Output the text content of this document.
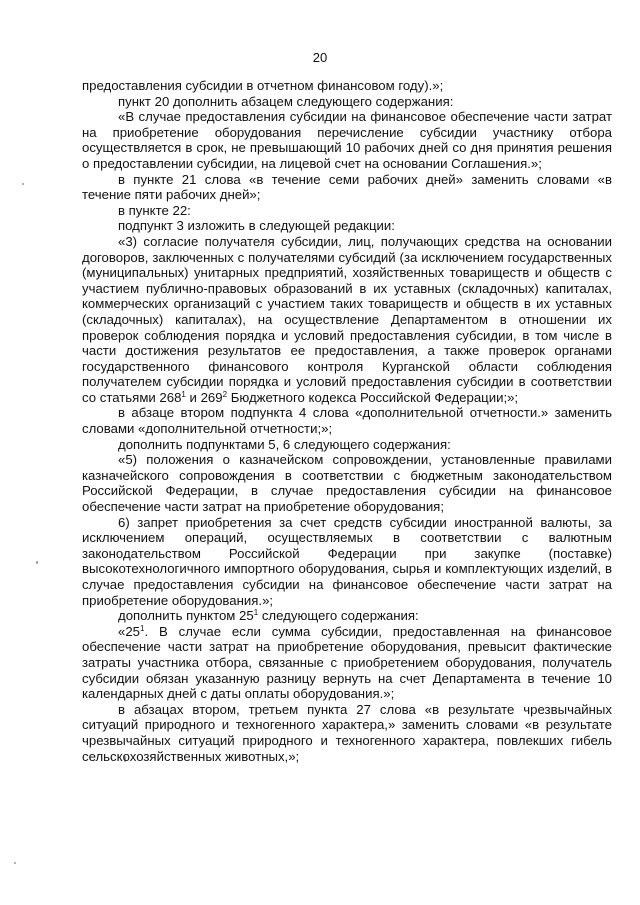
20

предоставления субсидии в отчетном финансовом году).»;

пункт 20 дополнить абзацем следующего содержания:

«В случае предоставления субсидии на финансовое обеспечение части затрат на приобретение оборудования перечисление субсидии участнику отбора осуществляется в срок, не превышающий 10 рабочих дней со дня принятия решения о предоставлении субсидии, на лицевой счет на основании Соглашения.»;

в пункте 21 слова «в течение семи рабочих дней» заменить словами «в течение пяти рабочих дней»;

в пункте 22:

подпункт 3 изложить в следующей редакции:

«3) согласие получателя субсидии, лиц, получающих средства на основании договоров, заключенных с получателями субсидий (за исключением государственных (муниципальных) унитарных предприятий, хозяйственных товариществ и обществ с участием публично-правовых образований в их уставных (складочных) капиталах, коммерческих организаций с участием таких товариществ и обществ в их уставных (складочных) капиталах), на осуществление Департаментом в отношении их проверок соблюдения порядка и условий предоставления субсидии, в том числе в части достижения результатов ее предоставления, а также проверок органами государственного финансового контроля Курганской области соблюдения получателем субсидии порядка и условий предоставления субсидии в соответствии со статьями $268^1$ и $269^2$ Бюджетного кодекса Российской Федерации;»;

в абзаце втором подпункта 4 слова «дополнительной отчетности.» заменить словами «дополнительной отчетности;»;

дополнить подпунктами 5, 6 следующего содержания:

«5) положения о казначейском сопровождении, установленные правилами казначейского сопровождения в соответствии с бюджетным законодательством Российской Федерации, в случае предоставления субсидии на финансовое обеспечение части затрат на приобретение оборудования;

6) запрет приобретения за счет средств субсидии иностранной валюты, за исключением операций, осуществляемых в соответствии с валютным законодательством Российской Федерации при закупке (поставке) высокотехнологичного импортного оборудования, сырья и комплектующих изделий, в случае предоставления субсидии на финансовое обеспечение части затрат на приобретение оборудования.»;

дополнить пунктом $25^1$ следующего содержания:

«$25^1$. В случае если сумма субсидии, предоставленная на финансовое обеспечение части затрат на приобретение оборудования, превысит фактические затраты участника отбора, связанные с приобретением оборудования, получатель субсидии обязан указанную разницу вернуть на счет Департамента в течение 10 календарных дней с даты оплаты оборудования.»;

в абзацах втором, третьем пункта 27 слова «в результате чрезвычайных ситуаций природного и техногенного характера,» заменить словами «в результате чрезвычайных ситуаций природного и техногенного характера, повлекших гибель сельскохозяйственных животных,»;
